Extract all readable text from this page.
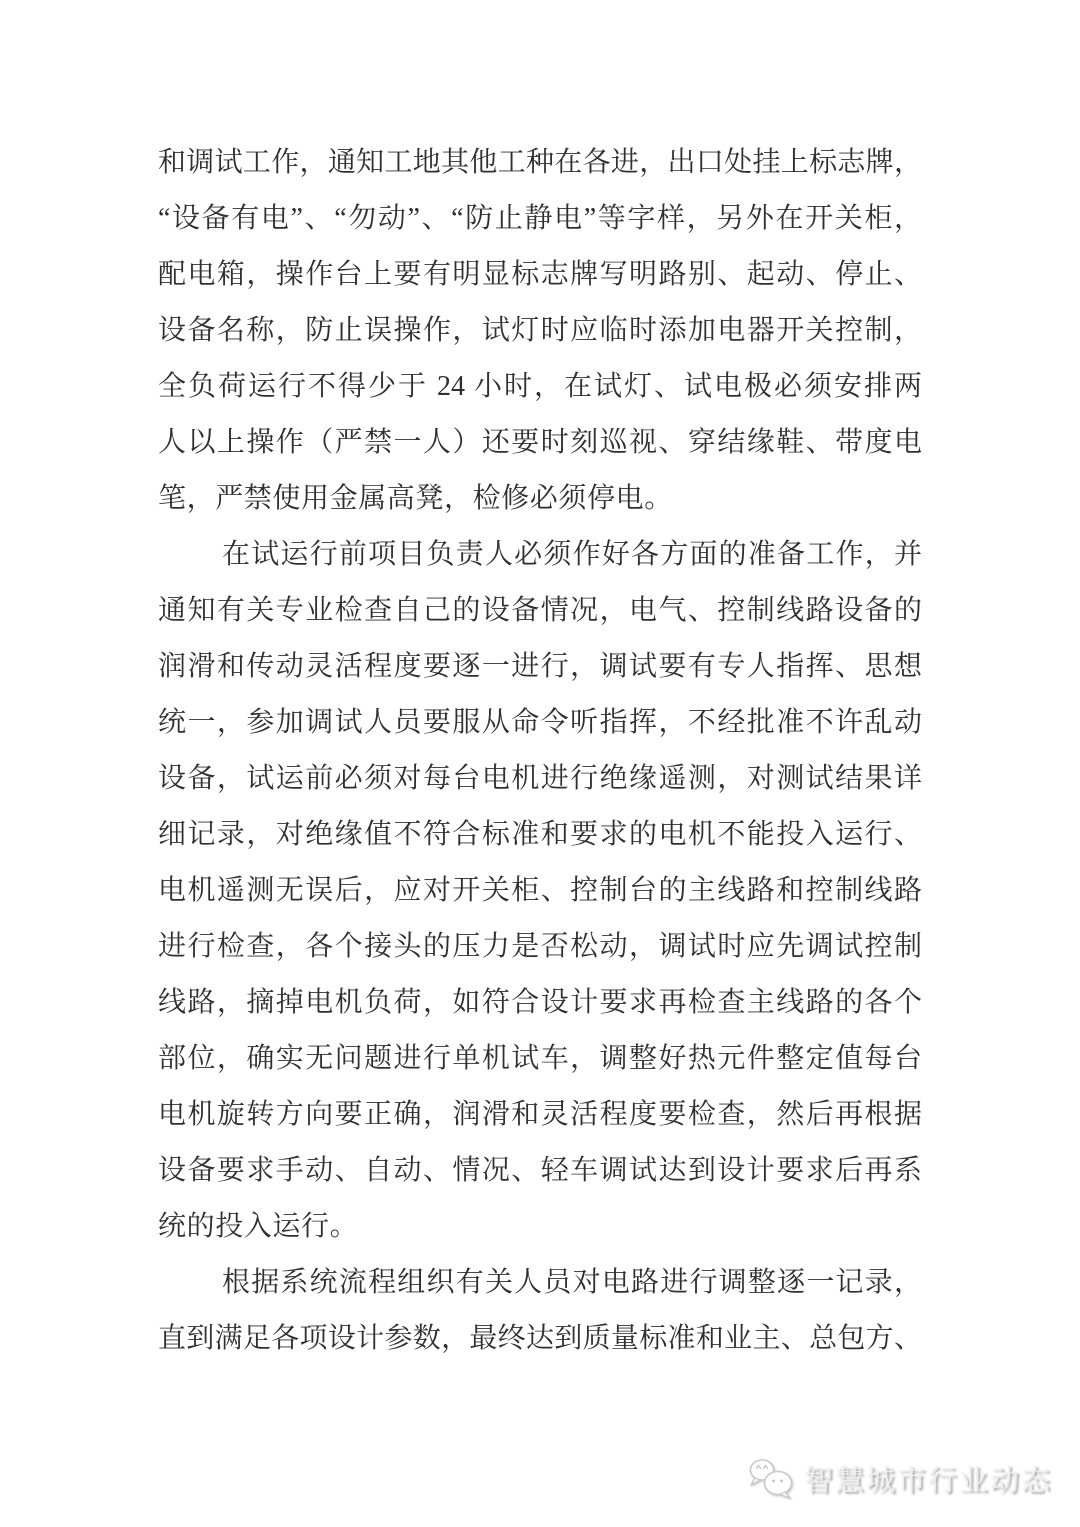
和调试工作，通知工地其他工种在各进，出口处挂上标志牌，
“设备有电”、“勿动”、“防止静电”等字样，另外在开关柜，
配电箱，操作台上要有明显标志牌写明路别、起动、停止、
设备名称，防止误操作，试灯时应临时添加电器开关控制，
全负荷运行不得少于 24 小时，在试灯、试电极必须安排两
人以上操作（严禁一人）还要时刻巡视、穿结缘鞋、带度电
笔，严禁使用金属高凳，检修必须停电。
在试运行前项目负责人必须作好各方面的准备工作，并
通知有关专业检查自己的设备情况，电气、控制线路设备的
润滑和传动灵活程度要逐一进行，调试要有专人指挥、思想
统一，参加调试人员要服从命令听指挥，不经批准不许乱动
设备，试运前必须对每台电机进行绝缘遥测，对测试结果详
细记录，对绝缘值不符合标准和要求的电机不能投入运行、
电机遥测无误后，应对开关柜、控制台的主线路和控制线路
进行检查，各个接头的压力是否松动，调试时应先调试控制
线路，摘掉电机负荷，如符合设计要求再检查主线路的各个
部位，确实无问题进行单机试车，调整好热元件整定值每台
电机旋转方向要正确，润滑和灵活程度要检查，然后再根据
设备要求手动、自动、情况、轻车调试达到设计要求后再系
统的投入运行。
根据系统流程组织有关人员对电路进行调整逐一记录，
直到满足各项设计参数，最终达到质量标准和业主、总包方、
智慧城市行业动态
